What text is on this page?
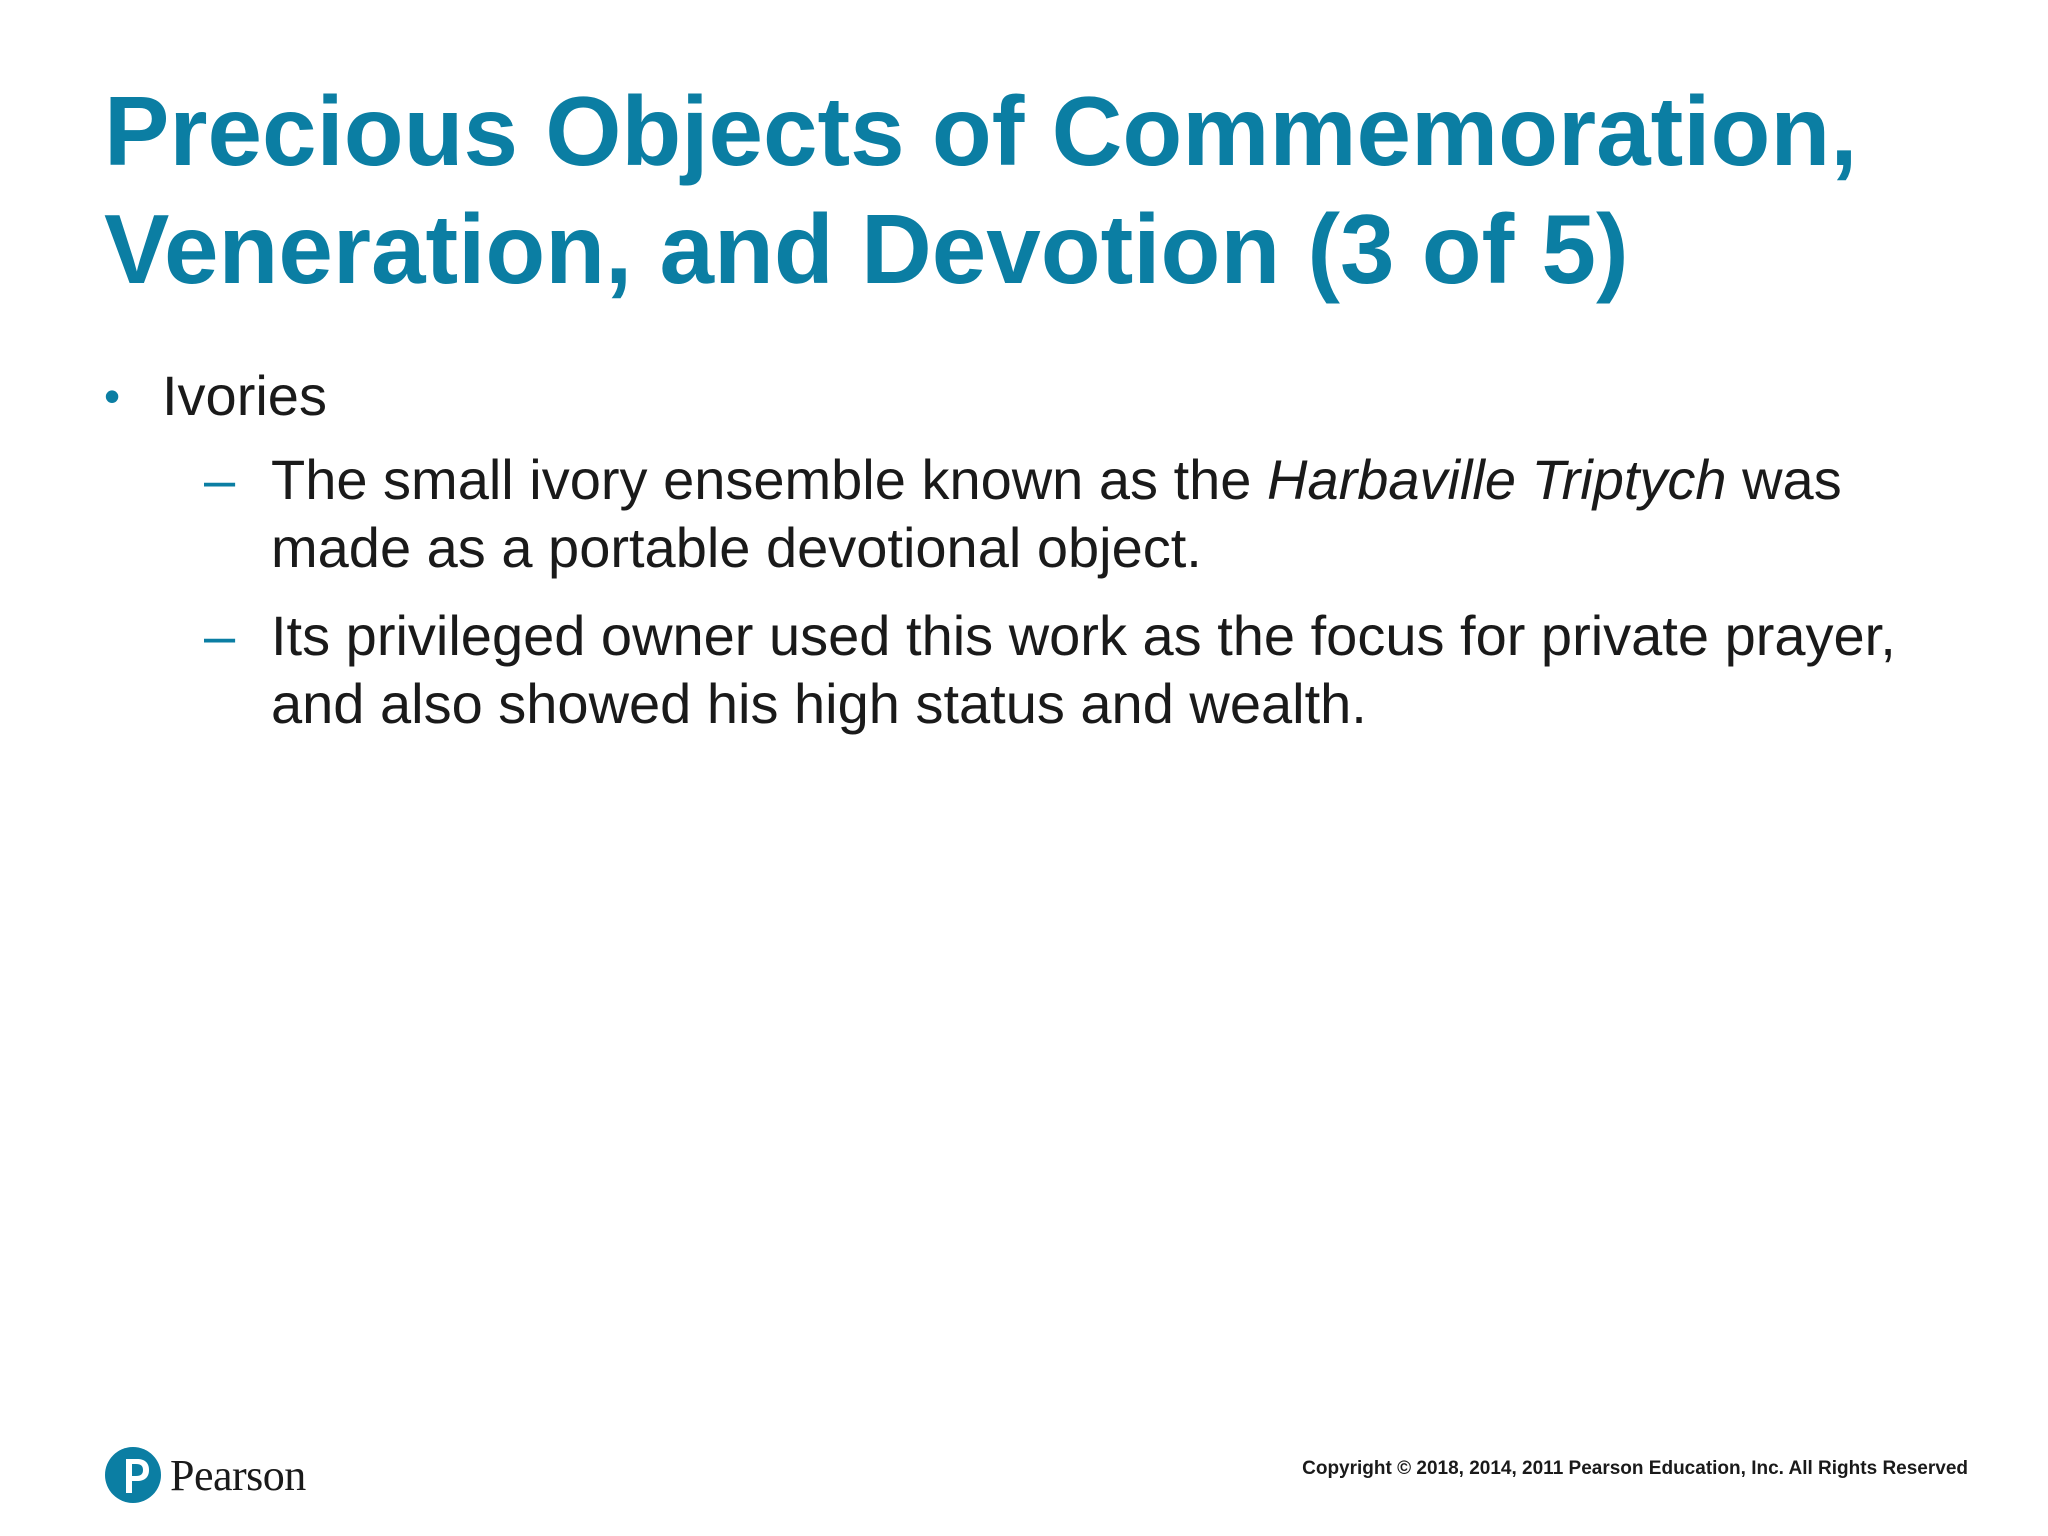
Precious Objects of Commemoration,
Veneration, and Devotion (3 of 5)
• Ivories
– The small ivory ensemble known as the Harbaville Triptych was
made as a portable devotional object.
– Its privileged owner used this work as the focus for private prayer,
and also showed his high status and wealth.
Pearson	Copyright © 2018, 2014, 2011 Pearson Education, Inc. All Rights Reserved
